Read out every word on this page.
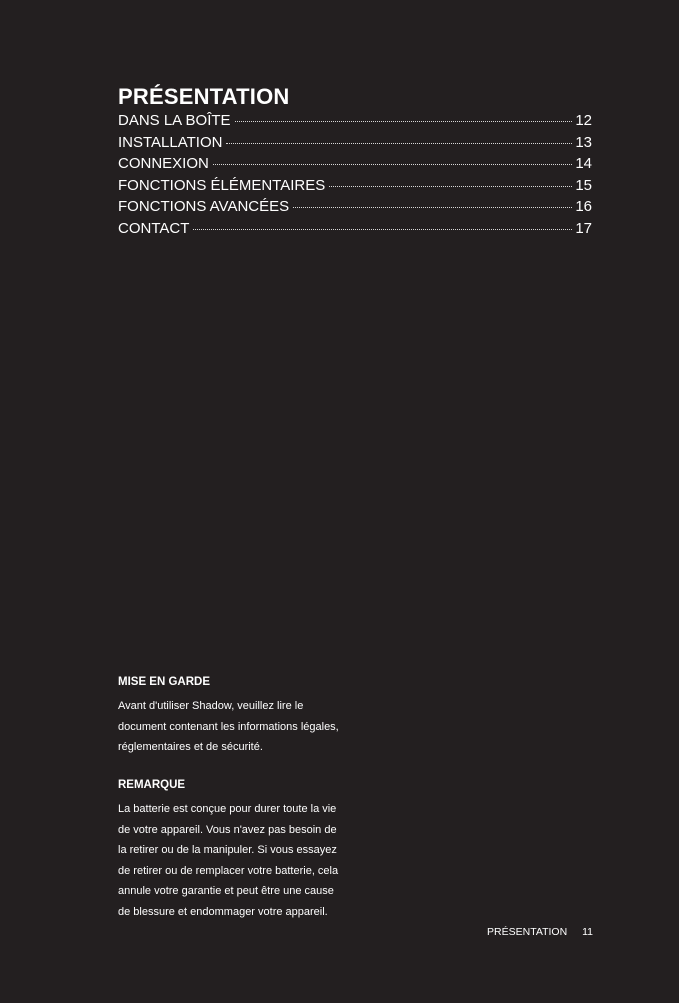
PRÉSENTATION
DANS LA BOÎTE	12
INSTALLATION	13
CONNEXION	14
FONCTIONS ÉLÉMENTAIRES	15
FONCTIONS AVANCÉES	16
CONTACT	17
MISE EN GARDE

Avant d'utiliser Shadow, veuillez lire le
document contenant les informations légales,
réglementaires et de sécurité.

REMARQUE

La batterie est conçue pour durer toute la vie
de votre appareil. Vous n'avez pas besoin de
la retirer ou de la manipuler. Si vous essayez
de retirer ou de remplacer votre batterie, cela
annule votre garantie et peut être une cause
de blessure et endommager votre appareil.

PRÉSENTATION 11
